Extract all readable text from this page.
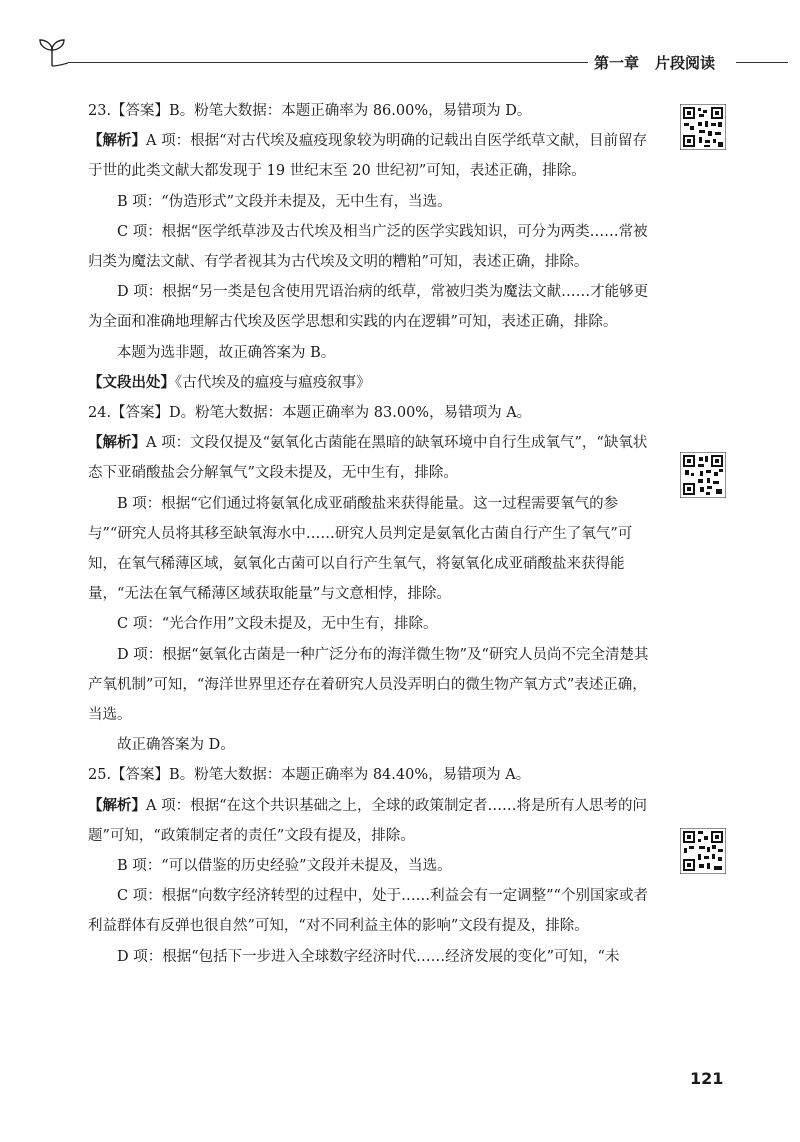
第一章 片段阅读

23.【答案】B。粉笔大数据：本题正确率为 86.00%，易错项为 D。

【解析】A 项：根据“对古代埃及瘟疫现象较为明确的记载出自医学纸草文献，目前留存于世的此类文献大都发现于 19 世纪末至 20 世纪初”可知，表述正确，排除。

B 项：“伪造形式”文段并未提及，无中生有，当选。

C 项：根据“医学纸草涉及古代埃及相当广泛的医学实践知识，可分为两类……常被归类为魔法文献、有学者视其为古代埃及文明的糟粕”可知，表述正确，排除。

D 项：根据“另一类是包含使用咒语治病的纸草，常被归类为魔法文献……才能够更为全面和准确地理解古代埃及医学思想和实践的内在逻辑”可知，表述正确，排除。

本题为选非题，故正确答案为 B。

【文段出处】《古代埃及的瘟疫与瘟疫叙事》

24.【答案】D。粉笔大数据：本题正确率为 83.00%，易错项为 A。

【解析】A 项：文段仅提及“氨氧化古菌能在黑暗的缺氧环境中自行生成氧气”，“缺氧状态下亚硝酸盐会分解氧气”文段未提及，无中生有，排除。

B 项：根据“它们通过将氨氧化成亚硝酸盐来获得能量。这一过程需要氧气的参与”“研究人员将其移至缺氧海水中……研究人员判定是氨氧化古菌自行产生了氧气”可知，在氧气稀薄区域，氨氧化古菌可以自行产生氧气，将氨氧化成亚硝酸盐来获得能量，“无法在氧气稀薄区域获取能量”与文意相悖，排除。

C 项：“光合作用”文段未提及，无中生有，排除。

D 项：根据“氨氧化古菌是一种广泛分布的海洋微生物”及“研究人员尚不完全清楚其产氧机制”可知，“海洋世界里还存在着研究人员没弄明白的微生物产氧方式”表述正确，当选。

故正确答案为 D。

25.【答案】B。粉笔大数据：本题正确率为 84.40%，易错项为 A。

【解析】A 项：根据“在这个共识基础之上，全球的政策制定者……将是所有人思考的问题”可知，“政策制定者的责任”文段有提及，排除。

B 项：“可以借鉴的历史经验”文段并未提及，当选。

C 项：根据“向数字经济转型的过程中，处于……利益会有一定调整”“个别国家或者利益群体有反弹也很自然”可知，“对不同利益主体的影响”文段有提及，排除。

D 项：根据“包括下一步进入全球数字经济时代……经济发展的变化”可知，“未

121
